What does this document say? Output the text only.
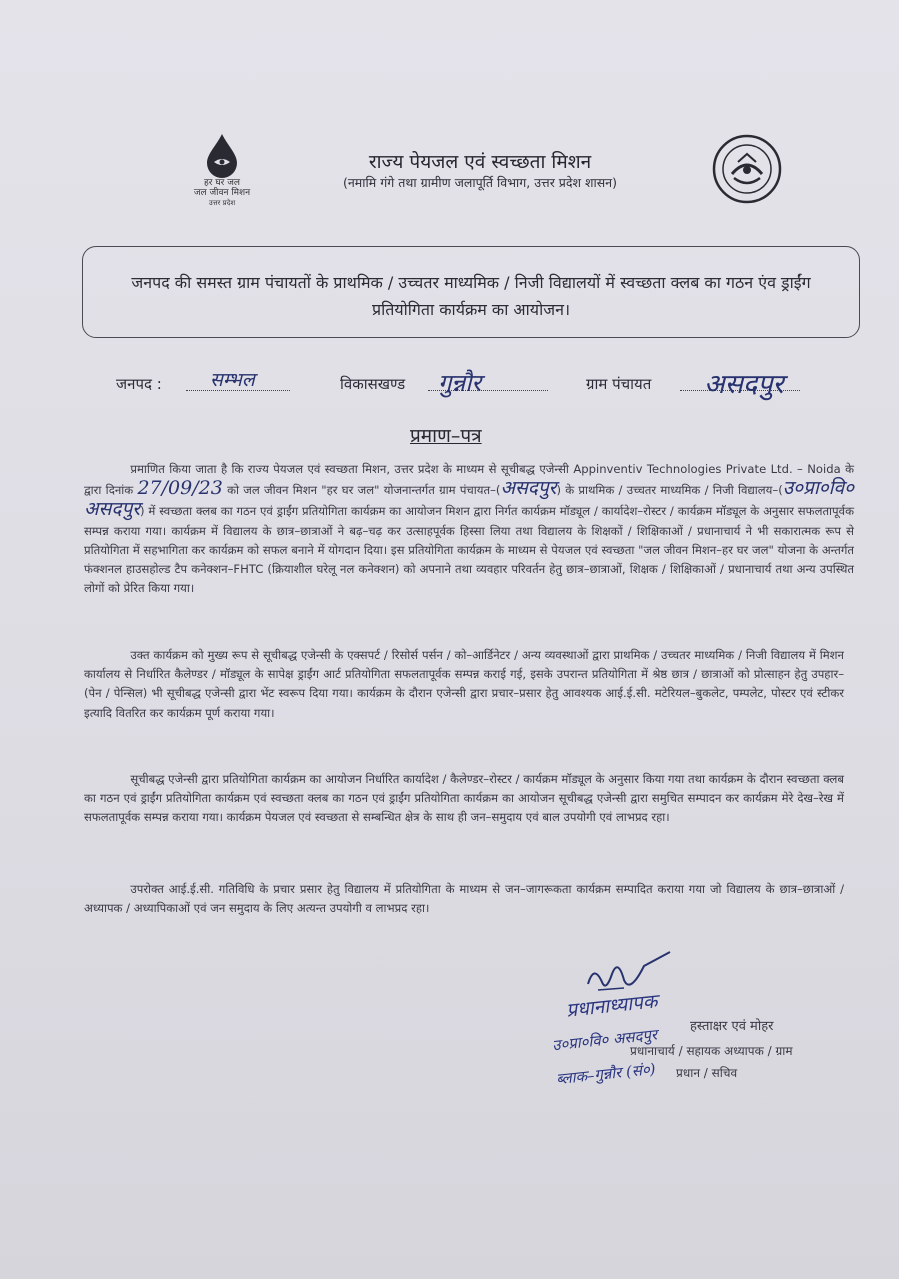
हर घर जल
जल जीवन मिशन
उत्तर प्रदेश
राज्य पेयजल एवं स्वच्छता मिशन
(नमामि गंगे तथा ग्रामीण जलापूर्ति विभाग, उत्तर प्रदेश शासन)
जनपद की समस्त ग्राम पंचायतों के प्राथमिक / उच्चतर माध्यमिक / निजी विद्यालयों में स्वच्छता क्लब का गठन एंव ड्राईंग प्रतियोगिता कार्यक्रम का आयोजन।
जनपद :	सम्भल	विकासखण्ड गुन्नौर	ग्राम पंचायत असदपुर
प्रमाण–पत्र
    प्रमाणित किया जाता है कि राज्य पेयजल एवं स्वच्छता मिशन, उत्तर प्रदेश के माध्यम से सूचीबद्ध एजेन्सी Appinventiv Technologies Private Ltd. – Noida के द्वारा दिनांक 27/09/23 को जल जीवन मिशन "हर घर जल" योजनान्तर्गत ग्राम पंचायत–(असदपुर) के प्राथमिक / उच्चतर माध्यमिक / निजी विद्यालय–(उ०प्रा०वि० असदपुर) में स्वच्छता क्लब का गठन एवं ड्राईंग प्रतियोगिता कार्यक्रम का आयोजन मिशन द्वारा निर्गत कार्यक्रम मॉड्यूल / कार्यादेश–रोस्टर / कार्यक्रम मॉड्यूल के अनुसार सफलतापूर्वक सम्पन्न कराया गया। कार्यक्रम में विद्यालय के छात्र–छात्राओं ने बढ़–चढ़ कर उत्साहपूर्वक हिस्सा लिया तथा विद्यालय के शिक्षकों / शिक्षिकाओं / प्रधानाचार्य ने भी सकारात्मक रूप से प्रतियोगिता में सहभागिता कर कार्यक्रम को सफल बनाने में योगदान दिया। इस प्रतियोगिता कार्यक्रम के माध्यम से पेयजल एवं स्वच्छता "जल जीवन मिशन–हर घर जल" योजना के अन्तर्गत फंक्शनल हाउसहोल्ड टैप कनेक्शन–FHTC (क्रियाशील घरेलू नल कनेक्शन) को अपनाने तथा व्यवहार परिवर्तन हेतु छात्र–छात्राओं, शिक्षक / शिक्षिकाओं / प्रधानाचार्य तथा अन्य उपस्थित लोगों को प्रेरित किया गया।
    उक्त कार्यक्रम को मुख्य रूप से सूचीबद्ध एजेन्सी के एक्सपर्ट / रिसोर्स पर्सन / को–आर्डिनेटर / अन्य व्यवस्थाओं द्वारा प्राथमिक / उच्चतर माध्यमिक / निजी विद्यालय में मिशन कार्यालय से निर्धारित कैलेण्डर / मॉड्यूल के सापेक्ष ड्राईंग आर्ट प्रतियोगिता सफलतापूर्वक सम्पन्न कराई गई, इसके उपरान्त प्रतियोगिता में श्रेष्ठ छात्र / छात्राओं को प्रोत्साहन हेतु उपहार–(पेन / पेन्सिल) भी सूचीबद्ध एजेन्सी द्वारा भेंट स्वरूप दिया गया। कार्यक्रम के दौरान एजेन्सी द्वारा प्रचार–प्रसार हेतु आवश्यक आई.ई.सी. मटेरियल–बुकलेट, पम्पलेट, पोस्टर एवं स्टीकर इत्यादि वितरित कर कार्यक्रम पूर्ण कराया गया।
    सूचीबद्ध एजेन्सी द्वारा प्रतियोगिता कार्यक्रम का आयोजन निर्धारित कार्यादेश / कैलेण्डर–रोस्टर / कार्यक्रम मॉड्यूल के अनुसार किया गया तथा कार्यक्रम के दौरान स्वच्छता क्लब का गठन एवं ड्राईंग प्रतियोगिता कार्यक्रम एवं स्वच्छता क्लब का गठन एवं ड्राईंग प्रतियोगिता कार्यक्रम का आयोजन सूचीबद्ध एजेन्सी द्वारा समुचित सम्पादन कर कार्यक्रम मेरे देख–रेख में सफलतापूर्वक सम्पन्न कराया गया। कार्यक्रम पेयजल एवं स्वच्छता से सम्बन्धित क्षेत्र के साथ ही जन–समुदाय एवं बाल उपयोगी एवं लाभप्रद रहा।
    उपरोक्त आई.ई.सी. गतिविधि के प्रचार प्रसार हेतु विद्यालय में प्रतियोगिता के माध्यम से जन–जागरूकता कार्यक्रम सम्पादित कराया गया जो विद्यालय के छात्र–छात्राओं / अध्यापक / अध्यापिकाओं एवं जन समुदाय के लिए अत्यन्त उपयोगी व लाभप्रद रहा।
प्रधानाध्यापक
उ०प्रा०वि० असदपुर
ब्लाक–गुन्नौर (सं०)
हस्ताक्षर एवं मोहर
प्रधानाचार्य / सहायक अध्यापक / ग्राम
प्रधान / सचिव
